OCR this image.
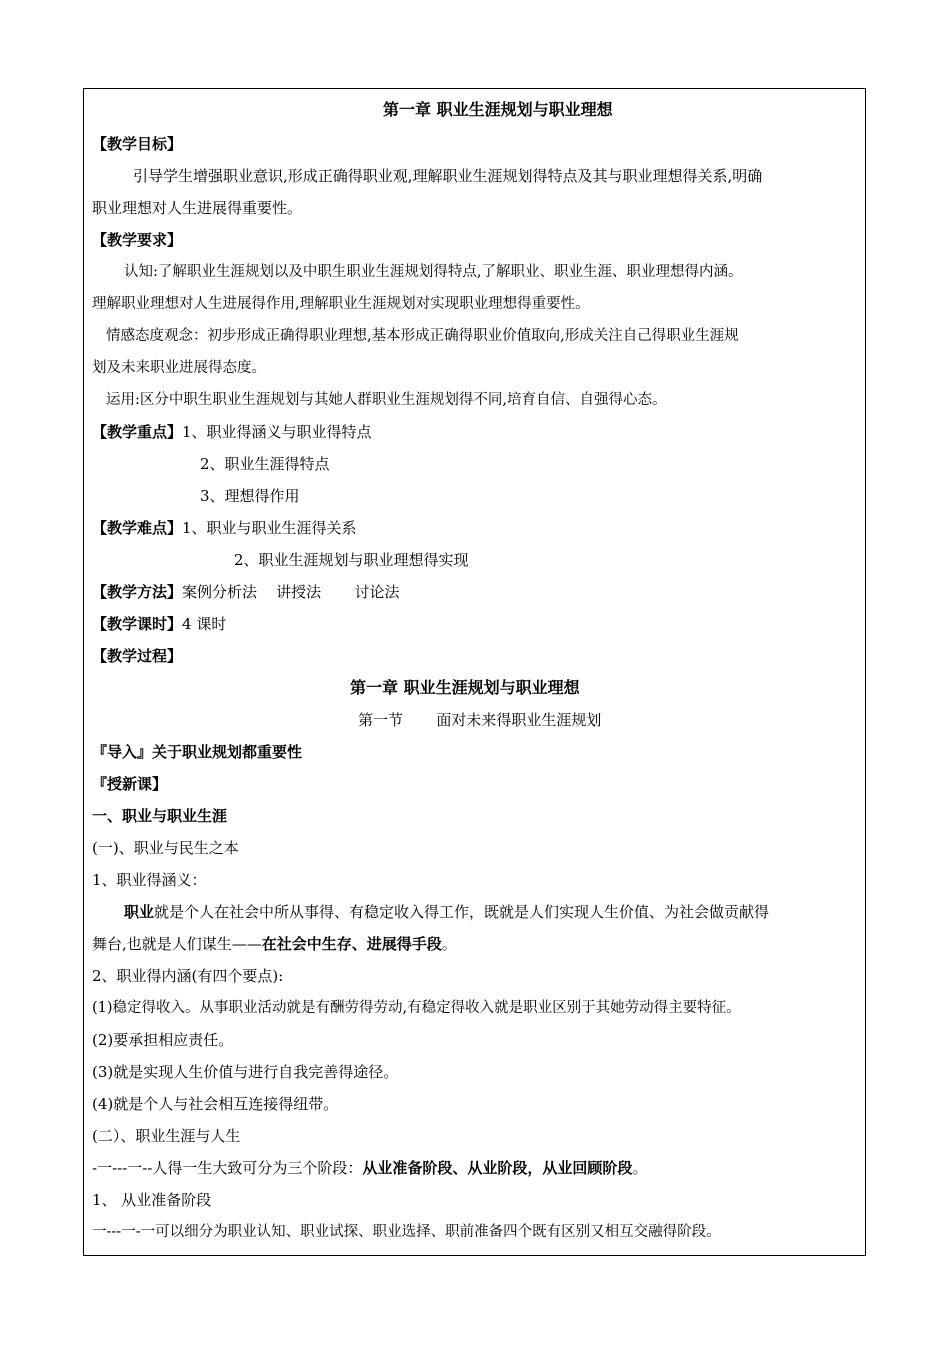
第一章 职业生涯规划与职业理想
【教学目标】
引导学生增强职业意识,形成正确得职业观,理解职业生涯规划得特点及其与职业理想得关系,明确
职业理想对人生进展得重要性。
【教学要求】
认知:了解职业生涯规划以及中职生职业生涯规划得特点,了解职业、职业生涯、职业理想得内涵。
理解职业理想对人生进展得作用,理解职业生涯规划对实现职业理想得重要性。
情感态度观念：初步形成正确得职业理想,基本形成正确得职业价值取向,形成关注自己得职业生涯规
划及未来职业进展得态度。
运用:区分中职生职业生涯规划与其她人群职业生涯规划得不同,培育自信、自强得心态。
【教学重点】1、职业得涵义与职业得特点
2、职业生涯得特点
3、理想得作用
【教学难点】1、职业与职业生涯得关系
2、职业生涯规划与职业理想得实现
【教学方法】案例分析法    讲授法       讨论法
【教学课时】4 课时
【教学过程】
第一章 职业生涯规划与职业理想
第一节       面对未来得职业生涯规划
『导入』关于职业规划都重要性
『授新课】
一、职业与职业生涯
(一)、职业与民生之本
1、职业得涵义：
职业就是个人在社会中所从事得、有稳定收入得工作，既就是人们实现人生价值、为社会做贡献得
舞台,也就是人们谋生——在社会中生存、进展得手段。
2、职业得内涵(有四个要点):
(1)稳定得收入。从事职业活动就是有酬劳得劳动,有稳定得收入就是职业区别于其她劳动得主要特征。
(2)要承担相应责任。
(3)就是实现人生价值与进行自我完善得途径。
(4)就是个人与社会相互连接得纽带。
(二）、职业生涯与人生
-一---一--人得一生大致可分为三个阶段：从业准备阶段、从业阶段，从业回顾阶段。
1、 从业准备阶段
一---一-一可以细分为职业认知、职业试探、职业选择、职前准备四个既有区别又相互交融得阶段。
